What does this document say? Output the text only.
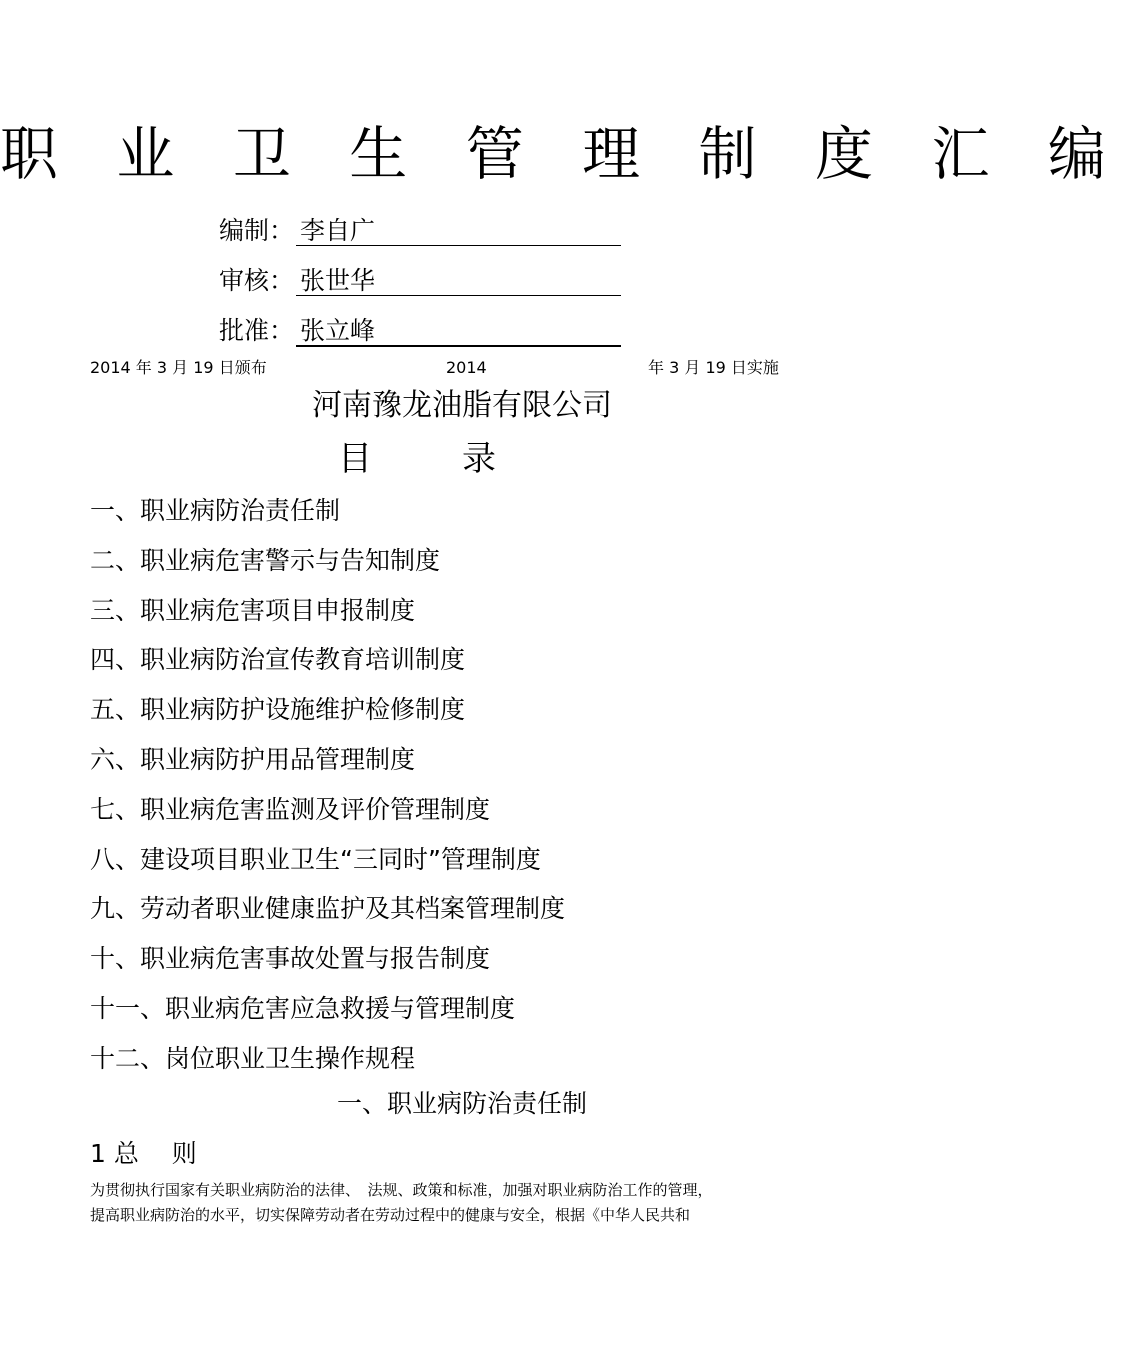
职 业 卫 生 管 理 制 度 汇 编
编制： 李自广
审核： 张世华
批准： 张立峰
2014 年 3 月 19 日颁布	2014	年 3 月 19 日实施
河南豫龙油脂有限公司
目录
一、职业病防治责任制
二、职业病危害警示与告知制度
三、职业病危害项目申报制度
四、职业病防治宣传教育培训制度
五、职业病防护设施维护检修制度
六、职业病防护用品管理制度
七、职业病危害监测及评价管理制度
八、建设项目职业卫生“三同时”管理制度
九、劳动者职业健康监护及其档案管理制度
十、职业病危害事故处置与报告制度
十一、职业病危害应急救援与管理制度
十二、岗位职业卫生操作规程
一、职业病防治责任制
1 总　 则
为贯彻执行国家有关职业病防治的法律、　法规、政策和标准，加强对职业病防治工作的管理，
提高职业病防治的水平，切实保障劳动者在劳动过程中的健康与安全，根据《中华人民共和
